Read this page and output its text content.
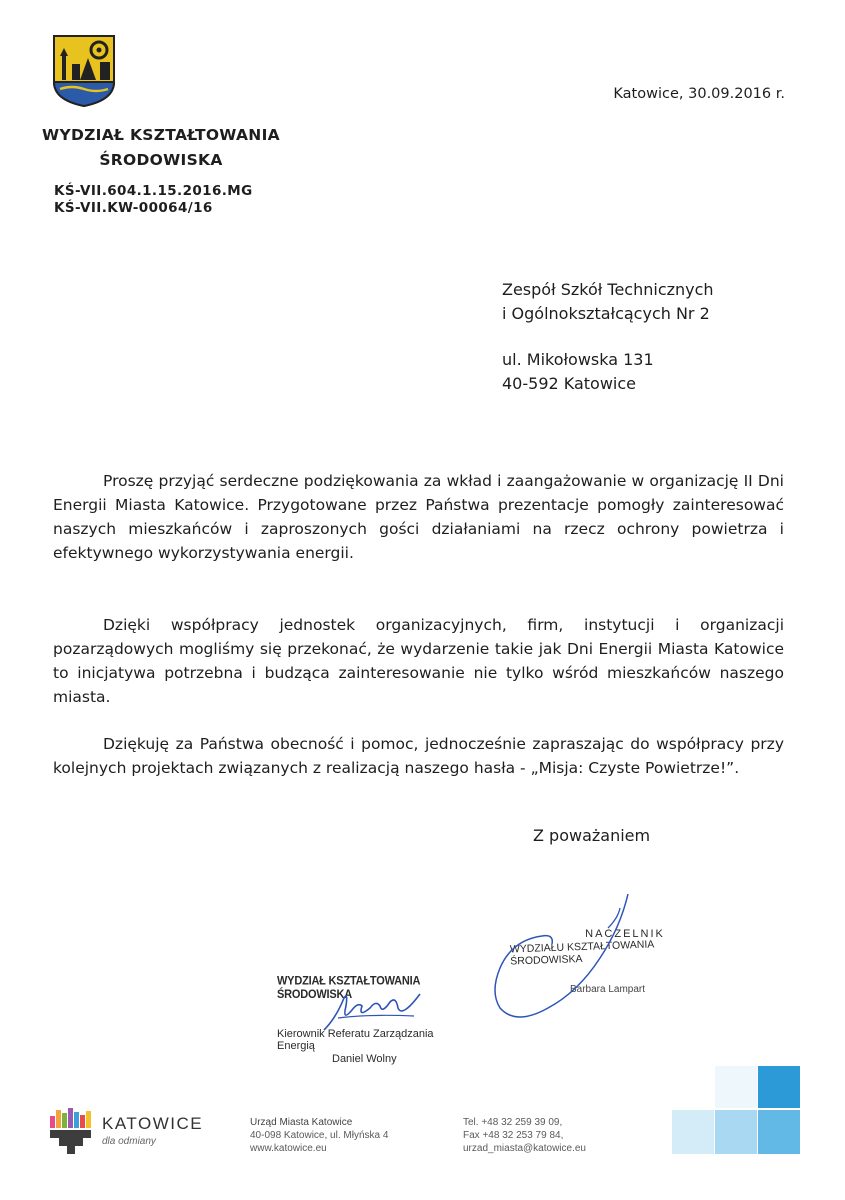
WYDZIAŁ KSZTAŁTOWANIA
ŚRODOWISKA
KŚ-VII.604.1.15.2016.MG
KŚ-VII.KW-00064/16
Katowice, 30.09.2016 r.
Zespół Szkół Technicznych
i Ogólnokształcących Nr 2
ul. Mikołowska 131
40-592 Katowice

Proszę przyjąć serdeczne podziękowania za wkład i zaangażowanie w organizację II Dni Energii Miasta Katowice. Przygotowane przez Państwa prezentacje pomogły zainteresować naszych mieszkańców i zaproszonych gości działaniami na rzecz ochrony powietrza i efektywnego wykorzystywania energii.

Dzięki współpracy jednostek organizacyjnych, firm, instytucji i organizacji pozarządowych mogliśmy się przekonać, że wydarzenie takie jak Dni Energii Miasta Katowice to inicjatywa potrzebna i budząca zainteresowanie nie tylko wśród mieszkańców naszego miasta.

Dziękuję za Państwa obecność i pomoc, jednocześnie zapraszając do współpracy przy kolejnych projektach związanych z realizacją naszego hasła - „Misja: Czyste Powietrze!”.

Z poważaniem
WYDZIAŁ KSZTAŁTOWANIA ŚRODOWISKA
Kierownik Referatu Zarządzania Energią
Daniel Wolny
NACZELNIK
WYDZIAŁU KSZTAŁTOWANIA ŚRODOWISKA
Barbara Lampart
KATOWICE
dla odmiany
Urząd Miasta Katowice
40-098 Katowice, ul. Młyńska 4
www.katowice.eu
Tel. +48 32 259 39 09,
Fax +48 32 253 79 84,
urzad_miasta@katowice.eu
